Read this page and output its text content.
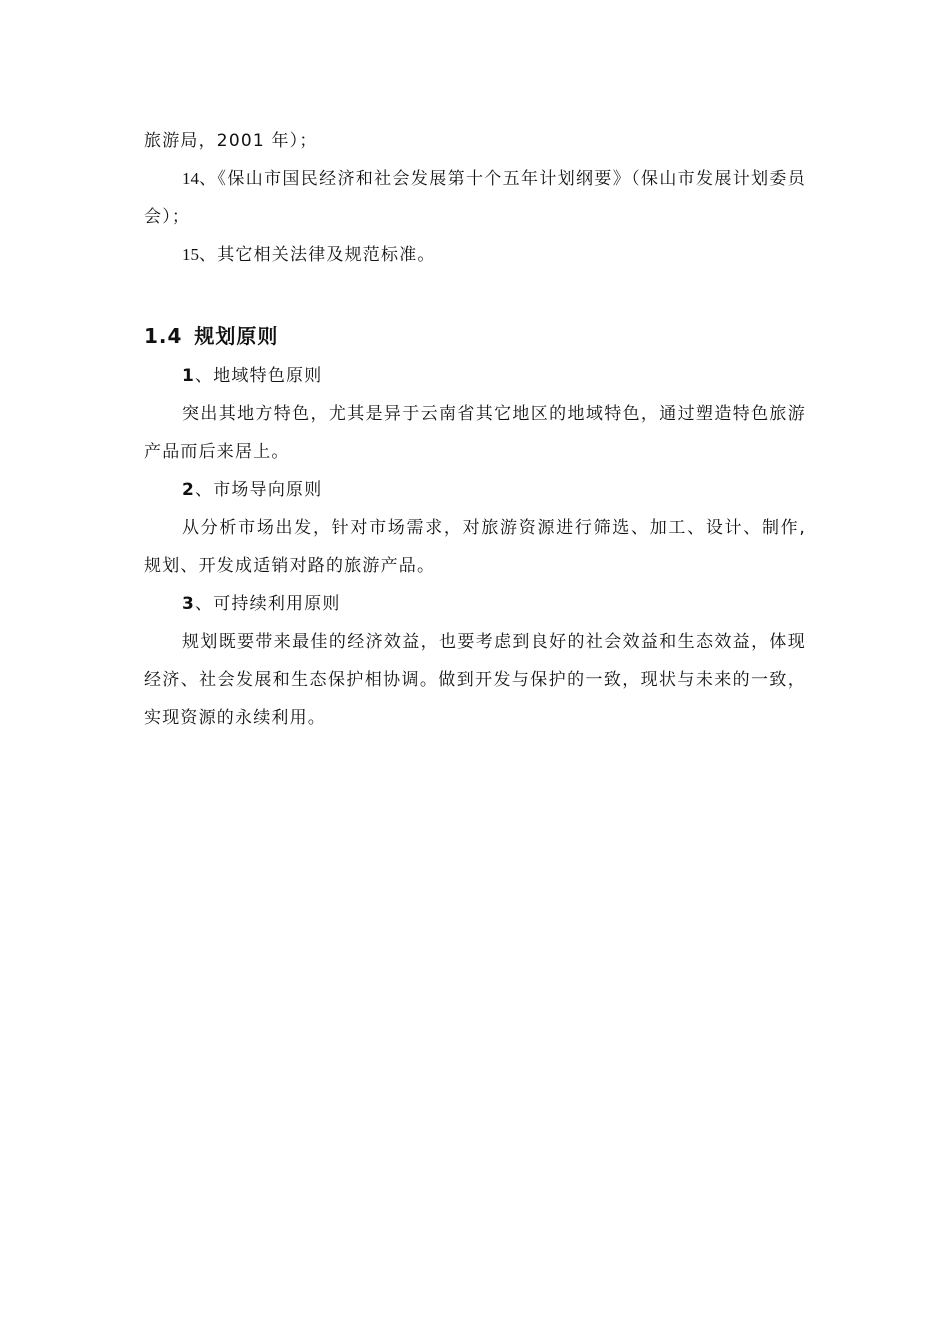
旅游局，2001 年）；

14、《保山市国民经济和社会发展第十个五年计划纲要》（保山市发展计划委员会）；

15、其它相关法律及规范标准。

1.4 规划原则

1、地域特色原则

突出其地方特色，尤其是异于云南省其它地区的地域特色，通过塑造特色旅游产品而后来居上。

2、市场导向原则

从分析市场出发，针对市场需求，对旅游资源进行筛选、加工、设计、制作,规划、开发成适销对路的旅游产品。

3、可持续利用原则

规划既要带来最佳的经济效益，也要考虑到良好的社会效益和生态效益，体现经济、社会发展和生态保护相协调。做到开发与保护的一致，现状与未来的一致，实现资源的永续利用。
